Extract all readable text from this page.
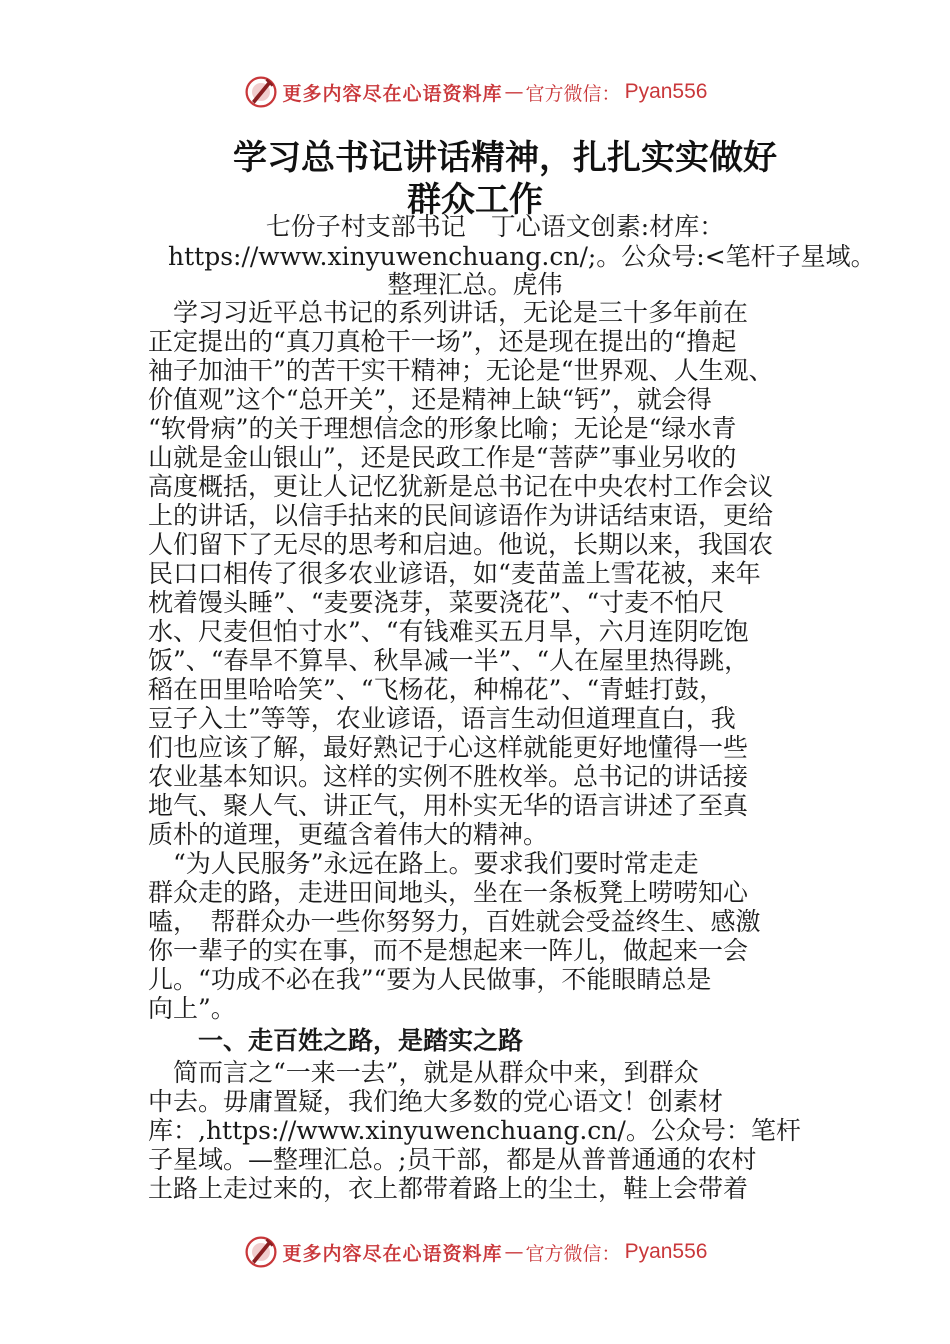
更多内容尽在心语资料库 — 官方微信： Pyan556
学习总书记讲话精神，扎扎实实做好
群众工作
七份子村支部书记　丁心语文创素:材库：
https://www.xinyuwenchuang.cn/;。公众号:<笔杆子星域。
整理汇总。虎伟
　学习习近平总书记的系列讲话，无论是三十多年前在
正定提出的“真刀真枪干一场”，还是现在提出的“撸起
袖子加油干”的苦干实干精神；无论是“世界观、人生观、
价值观”这个“总开关”，还是精神上缺“钙”，就会得
“软骨病”的关于理想信念的形象比喻；无论是“绿水青
山就是金山银山”，还是民政工作是“菩萨”事业另收的
高度概括，更让人记忆犹新是总书记在中央农村工作会议
上的讲话，以信手拈来的民间谚语作为讲话结束语，更给
人们留下了无尽的思考和启迪。他说，长期以来，我国农
民口口相传了很多农业谚语，如“麦苗盖上雪花被，来年
枕着馒头睡”、“麦要浇芽，菜要浇花”、“寸麦不怕尺
水、尺麦但怕寸水”、“有钱难买五月旱，六月连阴吃饱
饭”、“春旱不算旱、秋旱减一半”、“人在屋里热得跳，
稻在田里哈哈笑”、“飞杨花，种棉花”、“青蛙打鼓，
豆子入土”等等，农业谚语，语言生动但道理直白，我
们也应该了解，最好熟记于心这样就能更好地懂得一些
农业基本知识。这样的实例不胜枚举。总书记的讲话接
地气、聚人气、讲正气，用朴实无华的语言讲述了至真
质朴的道理，更蕴含着伟大的精神。
　“为人民服务”永远在路上。要求我们要时常走走
群众走的路，走进田间地头，坐在一条板凳上唠唠知心
嗑，　帮群众办一些你努努力，百姓就会受益终生、感激
你一辈子的实在事，而不是想起来一阵儿，做起来一会
儿。“功成不必在我”“要为人民做事，不能眼睛总是
向上”。
一、走百姓之路，是踏实之路
　简而言之“一来一去”，就是从群众中来，到群众
中去。毋庸置疑，我们绝大多数的党心语文！创素材
库：,https://www.xinyuwenchuang.cn/。公众号：笔杆
子星域。—整理汇总。;员干部，都是从普普通通的农村
土路上走过来的，衣上都带着路上的尘土，鞋上会带着
更多内容尽在心语资料库 — 官方微信： Pyan556
